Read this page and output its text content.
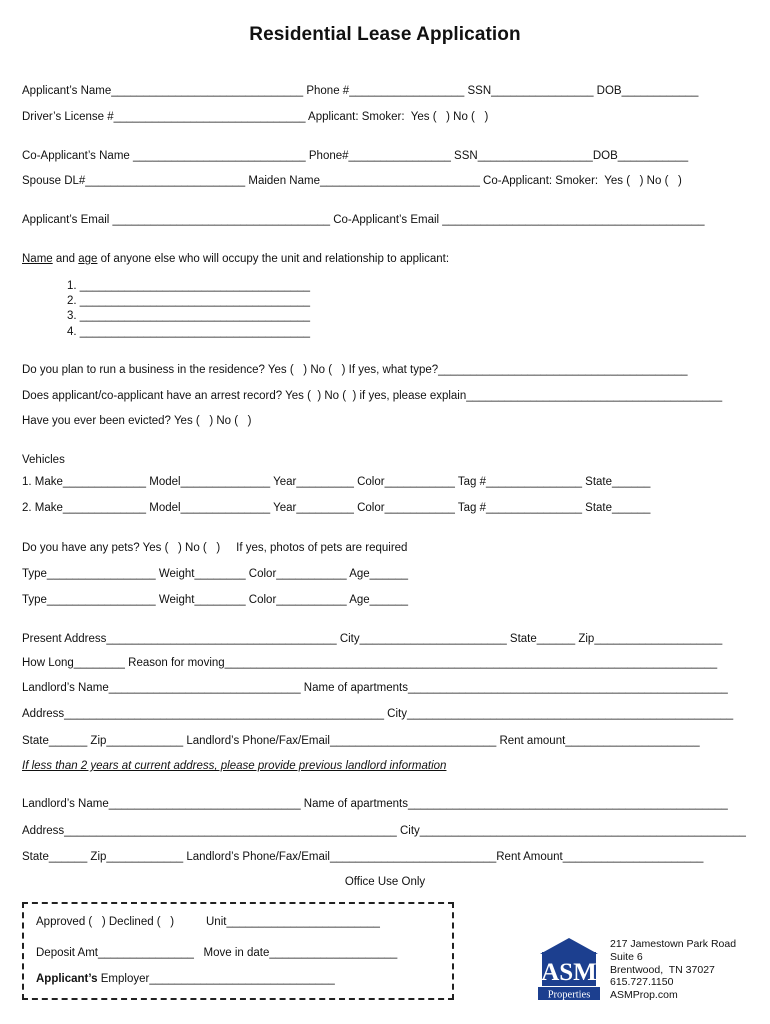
Residential Lease Application
Applicant’s Name______________________________ Phone #__________________ SSN________________ DOB____________
Driver’s License #______________________________ Applicant: Smoker:  Yes (   ) No (   )
Co-Applicant’s Name ___________________________ Phone#________________ SSN__________________DOB___________
Spouse DL#_________________________ Maiden Name_________________________ Co-Applicant: Smoker:  Yes (   ) No (   )
Applicant’s Email __________________________________ Co-Applicant’s Email _________________________________________
Name and age of anyone else who will occupy the unit and relationship to applicant:
1. ____________________________________
2. ____________________________________
3. ____________________________________
4. ____________________________________
Do you plan to run a business in the residence? Yes (   ) No (   ) If yes, what type?_______________________________________
Does applicant/co-applicant have an arrest record? Yes (  ) No (  ) if yes, please explain________________________________________
Have you ever been evicted? Yes (   ) No (   )
Vehicles
1. Make_____________ Model______________ Year_________ Color___________ Tag #_______________ State______
2. Make_____________ Model______________ Year_________ Color___________ Tag #_______________ State______
Do you have any pets? Yes (   ) No (   )     If yes, photos of pets are required
Type_________________ Weight________ Color___________ Age______
Type_________________ Weight________ Color___________ Age______
Present Address____________________________________ City_______________________ State______ Zip____________________
How Long________ Reason for moving_____________________________________________________________________________
Landlord’s Name______________________________ Name of apartments__________________________________________________
Address__________________________________________________ City___________________________________________________
State______ Zip____________ Landlord’s Phone/Fax/Email__________________________ Rent amount_____________________
If less than 2 years at current address, please provide previous landlord information
Landlord’s Name______________________________ Name of apartments__________________________________________________
Address____________________________________________________ City___________________________________________________
State______ Zip____________ Landlord’s Phone/Fax/Email__________________________Rent Amount______________________
Office Use Only
Approved (   ) Declined (   )          Unit________________________
Deposit Amt_______________   Move in date____________________
Applicant’s Employer_____________________________	ASM
Properties
217 Jamestown Park Road
Suite 6
Brentwood,  TN 37027
615.727.1150
ASMProp.com
